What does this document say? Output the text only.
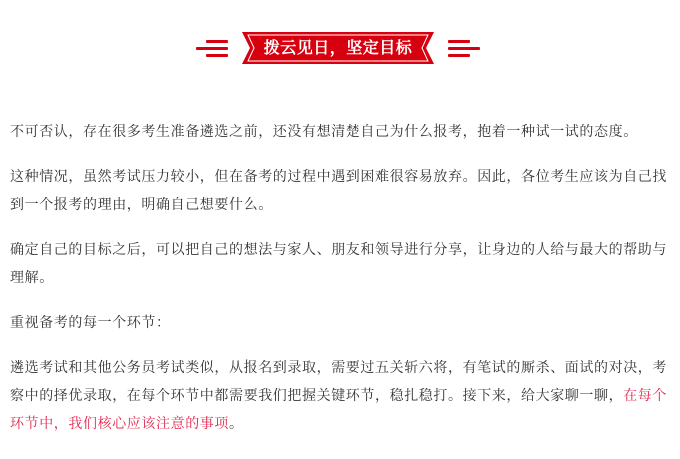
拨云见日，坚定目标

不可否认，存在很多考生准备遴选之前，还没有想清楚自己为什么报考，抱着一种试一试的态度。

这种情况，虽然考试压力较小，但在备考的过程中遇到困难很容易放弃。因此，各位考生应该为自己找到一个报考的理由，明确自己想要什么。

确定自己的目标之后，可以把自己的想法与家人、朋友和领导进行分享，让身边的人给与最大的帮助与理解。

重视备考的每一个环节：

遴选考试和其他公务员考试类似，从报名到录取，需要过五关斩六将，有笔试的厮杀、面试的对决，考察中的择优录取，在每个环节中都需要我们把握关键环节，稳扎稳打。接下来，给大家聊一聊，在每个环节中，我们核心应该注意的事项。
